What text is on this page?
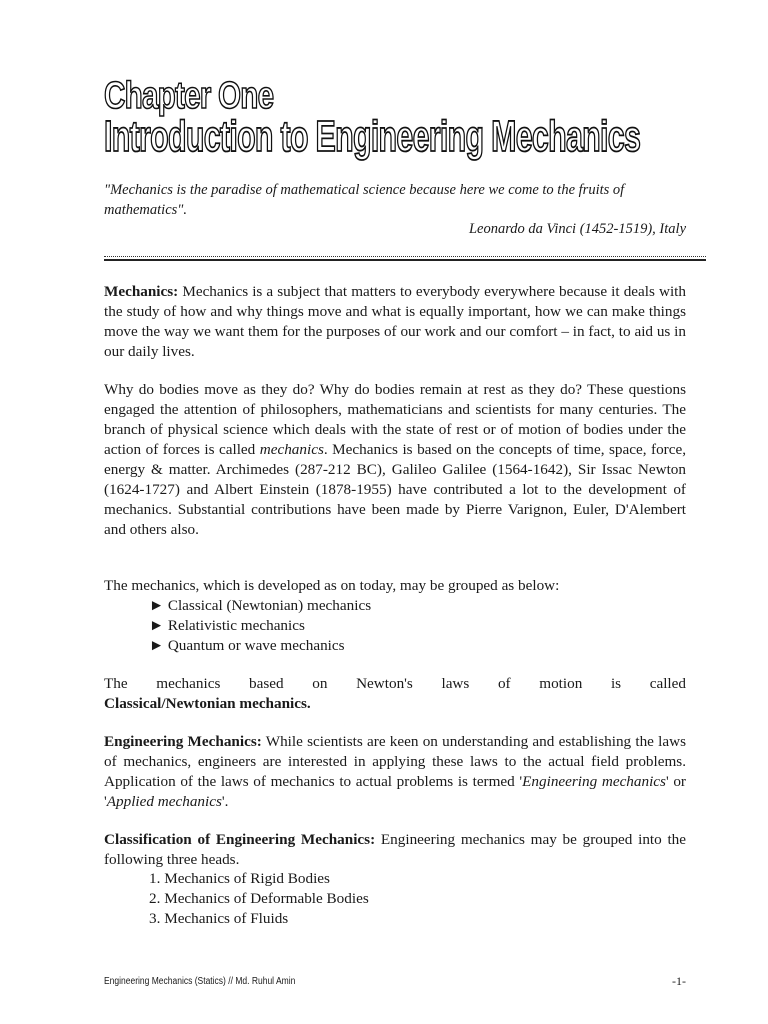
Chapter One
Introduction to Engineering Mechanics
"Mechanics is the paradise of mathematical science because here we come to the fruits of mathematics".
Leonardo da Vinci (1452-1519), Italy
Mechanics: Mechanics is a subject that matters to everybody everywhere because it deals with the study of how and why things move and what is equally important, how we can make things move the way we want them for the purposes of our work and our comfort – in fact, to aid us in our daily lives.
Why do bodies move as they do? Why do bodies remain at rest as they do? These questions engaged the attention of philosophers, mathematicians and scientists for many centuries. The branch of physical science which deals with the state of rest or of motion of bodies under the action of forces is called mechanics. Mechanics is based on the concepts of time, space, force, energy & matter. Archimedes (287-212 BC), Galileo Galilee (1564-1642), Sir Issac Newton (1624-1727) and Albert Einstein (1878-1955) have contributed a lot to the development of mechanics. Substantial contributions have been made by Pierre Varignon, Euler, D'Alembert and others also.
The mechanics, which is developed as on today, may be grouped as below:
► Classical (Newtonian) mechanics
► Relativistic mechanics
► Quantum or wave mechanics
The mechanics based on Newton's laws of motion is called Classical/Newtonian mechanics.
Engineering Mechanics: While scientists are keen on understanding and establishing the laws of mechanics, engineers are interested in applying these laws to the actual field problems. Application of the laws of mechanics to actual problems is termed 'Engineering mechanics' or 'Applied mechanics'.
Classification of Engineering Mechanics: Engineering mechanics may be grouped into the following three heads.
1. Mechanics of Rigid Bodies
2. Mechanics of Deformable Bodies
3. Mechanics of Fluids
Engineering Mechanics (Statics) // Md. Ruhul Amin	-1-
